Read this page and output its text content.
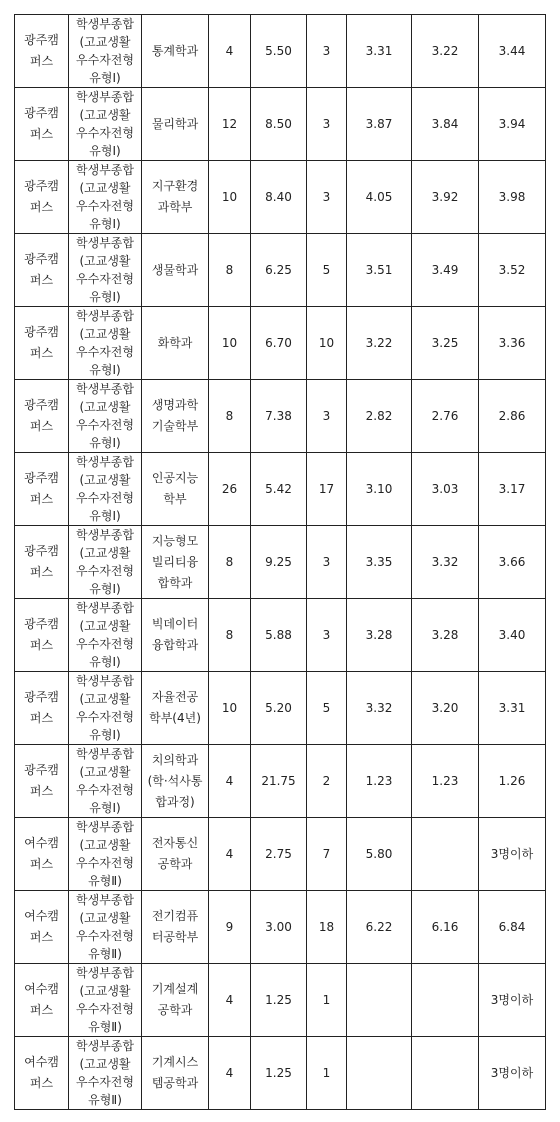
광주캠
퍼스	학생부종합
(고교생활
우수자전형
유형Ⅰ)	통계학과	4	5.50	3	3.31	3.22	3.44

광주캠
퍼스	학생부종합
(고교생활
우수자전형
유형Ⅰ)	물리학과	12	8.50	3	3.87	3.84	3.94

광주캠
퍼스	학생부종합
(고교생활
우수자전형
유형Ⅰ)	지구환경
과학부	10	8.40	3	4.05	3.92	3.98

광주캠
퍼스	학생부종합
(고교생활
우수자전형
유형Ⅰ)	생물학과	8	6.25	5	3.51	3.49	3.52

광주캠
퍼스	학생부종합
(고교생활
우수자전형
유형Ⅰ)	화학과	10	6.70	10	3.22	3.25	3.36

광주캠
퍼스	학생부종합
(고교생활
우수자전형
유형Ⅰ)	생명과학
기술학부	8	7.38	3	2.82	2.76	2.86

광주캠
퍼스	학생부종합
(고교생활
우수자전형
유형Ⅰ)	인공지능
학부	26	5.42	17	3.10	3.03	3.17

광주캠
퍼스	학생부종합
(고교생활
우수자전형
유형Ⅰ)	지능형모
빌리티융
합학과	8	9.25	3	3.35	3.32	3.66

광주캠
퍼스	학생부종합
(고교생활
우수자전형
유형Ⅰ)	빅데이터
융합학과	8	5.88	3	3.28	3.28	3.40

광주캠
퍼스	학생부종합
(고교생활
우수자전형
유형Ⅰ)	자율전공
학부(4년)	10	5.20	5	3.32	3.20	3.31

광주캠
퍼스	학생부종합
(고교생활
우수자전형
유형Ⅰ)	치의학과
(학·석사통
합과정)	4	21.75	2	1.23	1.23	1.26

여수캠
퍼스	학생부종합
(고교생활
우수자전형
유형Ⅱ)	전자통신
공학과	4	2.75	7	5.80		3명이하

여수캠
퍼스	학생부종합
(고교생활
우수자전형
유형Ⅱ)	전기컴퓨
터공학부	9	3.00	18	6.22	6.16	6.84

여수캠
퍼스	학생부종합
(고교생활
우수자전형
유형Ⅱ)	기계설계
공학과	4	1.25	1			3명이하

여수캠
퍼스	학생부종합
(고교생활
우수자전형
유형Ⅱ)	기계시스
템공학과	4	1.25	1			3명이하
